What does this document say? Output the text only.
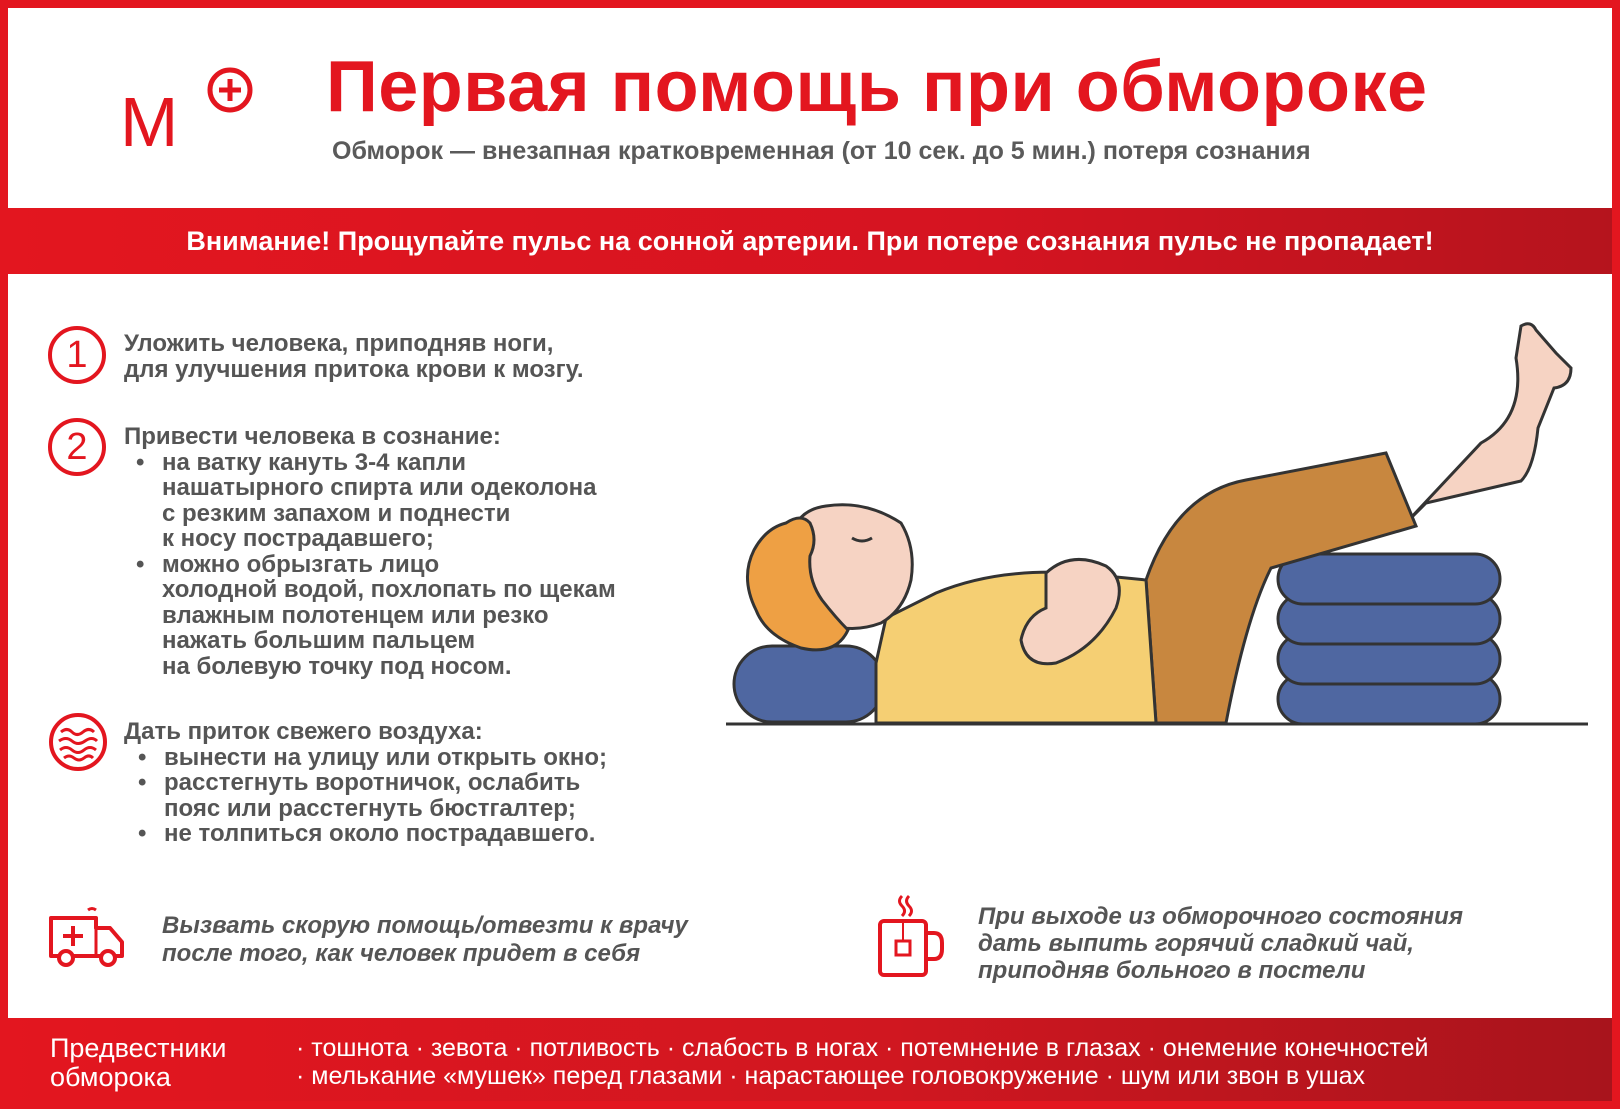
M Первая помощь при обмороке
Обморок — внезапная кратковременная (от 10 сек. до 5 мин.) потеря сознания
Внимание! Прощупайте пульс на сонной артерии. При потере сознания пульс не пропадает!
1 Уложить человека, приподняв ноги,
для улучшения притока крови к мозгу.
2 Привести человека в сознание:
• на ватку кануть 3-4 капли
нашатырного спирта или одеколона
с резким запахом и поднести
к носу пострадавшего;
• можно обрызгать лицо
холодной водой, похлопать по щекам
влажным полотенцем или резко
нажать большим пальцем
на болевую точку под носом.
Дать приток свежего воздуха:
• вынести на улицу или открыть окно;
• расстегнуть воротничок, ослабить
пояс или расстегнуть бюстгалтер;
• не толпиться около пострадавшего.
Вызвать скорую помощь/отвезти к врачу
после того, как человек придет в себя
При выходе из обморочного состояния
дать выпить горячий сладкий чай,
приподняв больного в постели
Предвестники
обморока
· тошнота · зевота · потливость · слабость в ногах · потемнение в глазах · онемение конечностей
· мелькание «мушек» перед глазами · нарастающее головокружение · шум или звон в ушах
